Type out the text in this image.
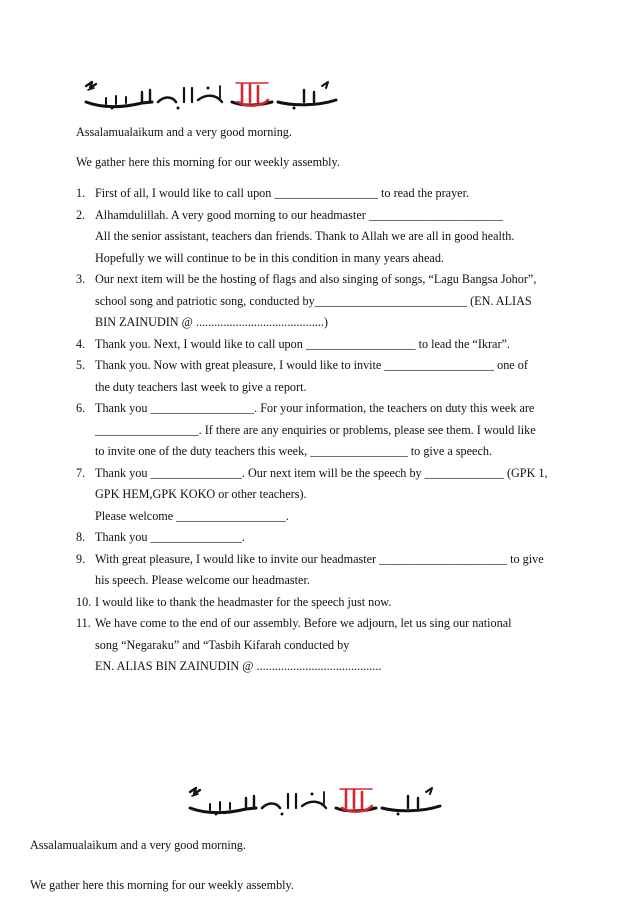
Assalamualaikum and a very good morning.
We gather here this morning for our weekly assembly.
1. First of all, I would like to call upon _________________ to read the prayer.
2. Alhamdulillah. A very good morning to our headmaster ______________________
All the senior assistant, teachers dan friends. Thank to Allah we are all in good health.
Hopefully we will continue to be in this condition in many years ahead.
3. Our next item will be the hosting of flags and also singing of songs, “Lagu Bangsa Johor”,
school song and patriotic song, conducted by_________________________ (EN. ALIAS
BIN ZAINUDIN @ ..........................................)
4. Thank you. Next, I would like to call upon __________________ to lead the “Ikrar”.
5. Thank you. Now with great pleasure, I would like to invite __________________ one of
the duty teachers last week to give a report.
6. Thank you _________________. For your information, the teachers on duty this week are
_________________. If there are any enquiries or problems, please see them. I would like
to invite one of the duty teachers this week, ________________ to give a speech.
7. Thank you _______________. Our next item will be the speech by _____________ (GPK 1,
GPK HEM,GPK KOKO or other teachers).
Please welcome __________________.
8. Thank you _______________.
9. With great pleasure, I would like to invite our headmaster _____________________ to give
his speech. Please welcome our headmaster.
10. I would like to thank the headmaster for the speech just now.
11. We have come to the end of our assembly. Before we adjourn, let us sing our national
song “Negaraku” and “Tasbih Kifarah conducted by
EN. ALIAS BIN ZAINUDIN @ .........................................
Assalamualaikum and a very good morning.
We gather here this morning for our weekly assembly.
